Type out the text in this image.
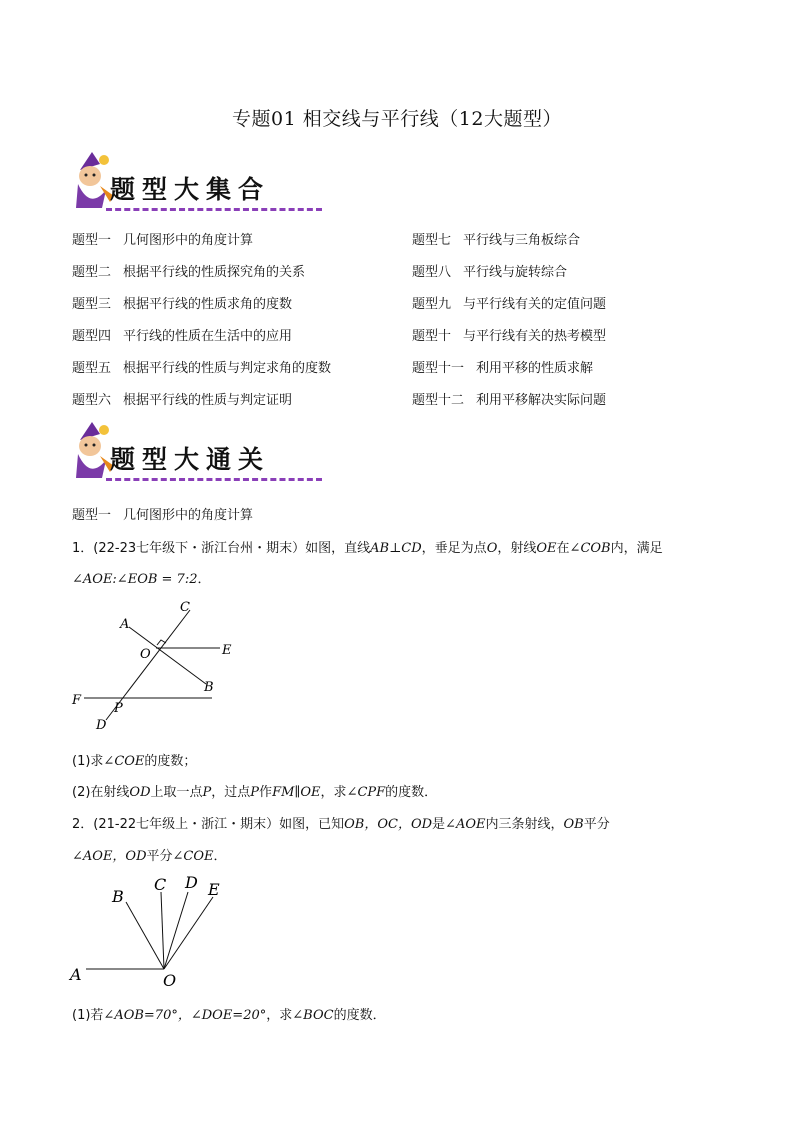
专题01 相交线与平行线（12大题型）
题型大集合
题型一 几何图形中的角度计算
题型二 根据平行线的性质探究角的关系
题型三 根据平行线的性质求角的度数
题型四 平行线的性质在生活中的应用
题型五 根据平行线的性质与判定求角的度数
题型六 根据平行线的性质与判定证明
题型七 平行线与三角板综合
题型八 平行线与旋转综合
题型九 与平行线有关的定值问题
题型十 与平行线有关的热考模型
题型十一 利用平移的性质求解
题型十二 利用平移解决实际问题
题型大通关
题型一 几何图形中的角度计算
1．(22-23七年级下・浙江台州・期末）如图，直线AB⊥CD，垂足为点O，射线OE在∠COB内，满足
∠AOE:∠EOB = 7:2．
A
C
O	E
B
F
P
D
(1)求∠COE的度数；
(2)在射线OD上取一点P，过点P作FM∥OE，求∠CPF的度数．
2．(21-22七年级上・浙江・期末）如图，已知OB，OC，OD是∠AOE内三条射线，OB平分
∠AOE，OD平分∠COE．
B
C D E
A	O
(1)若∠AOB=70°，∠DOE=20°，求∠BOC的度数．
